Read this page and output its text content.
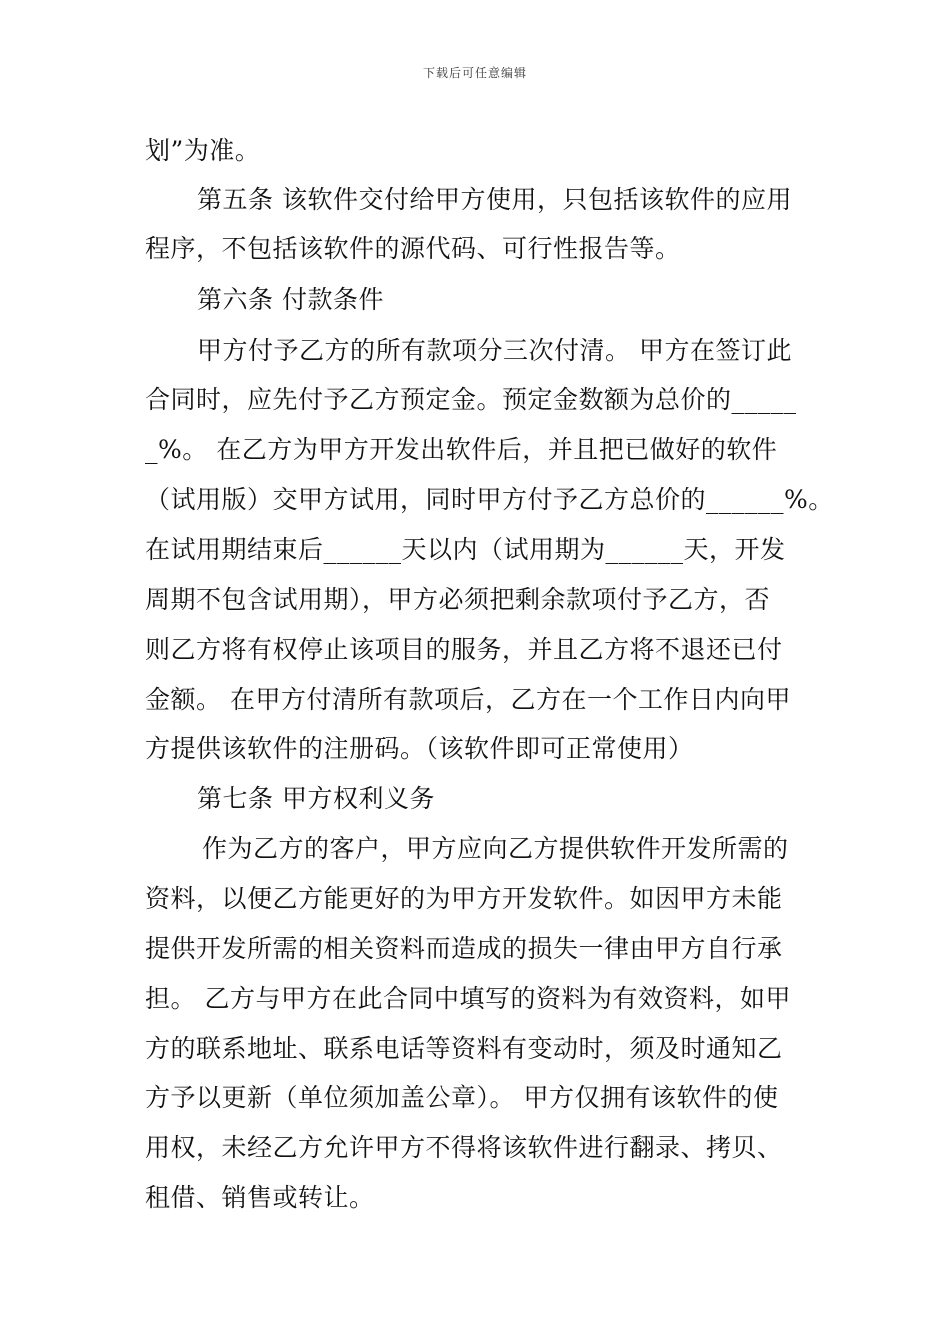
下载后可任意编辑
划”为准。
第五条 该软件交付给甲方使用，只包括该软件的应用
程序，不包括该软件的源代码、可行性报告等。
第六条 付款条件
甲方付予乙方的所有款项分三次付清。 甲方在签订此
合同时，应先付予乙方预定金。预定金数额为总价的_____
_%。 在乙方为甲方开发出软件后，并且把已做好的软件
（试用版）交甲方试用，同时甲方付予乙方总价的______%。
在试用期结束后______天以内（试用期为______天，开发
周期不包含试用期），甲方必须把剩余款项付予乙方，否
则乙方将有权停止该项目的服务，并且乙方将不退还已付
金额。 在甲方付清所有款项后，乙方在一个工作日内向甲
方提供该软件的注册码。（该软件即可正常使用）
第七条 甲方权利义务
作为乙方的客户，甲方应向乙方提供软件开发所需的
资料，以便乙方能更好的为甲方开发软件。如因甲方未能
提供开发所需的相关资料而造成的损失一律由甲方自行承
担。 乙方与甲方在此合同中填写的资料为有效资料，如甲
方的联系地址、联系电话等资料有变动时，须及时通知乙
方予以更新（单位须加盖公章）。 甲方仅拥有该软件的使
用权，未经乙方允许甲方不得将该软件进行翻录、拷贝、
租借、销售或转让。
